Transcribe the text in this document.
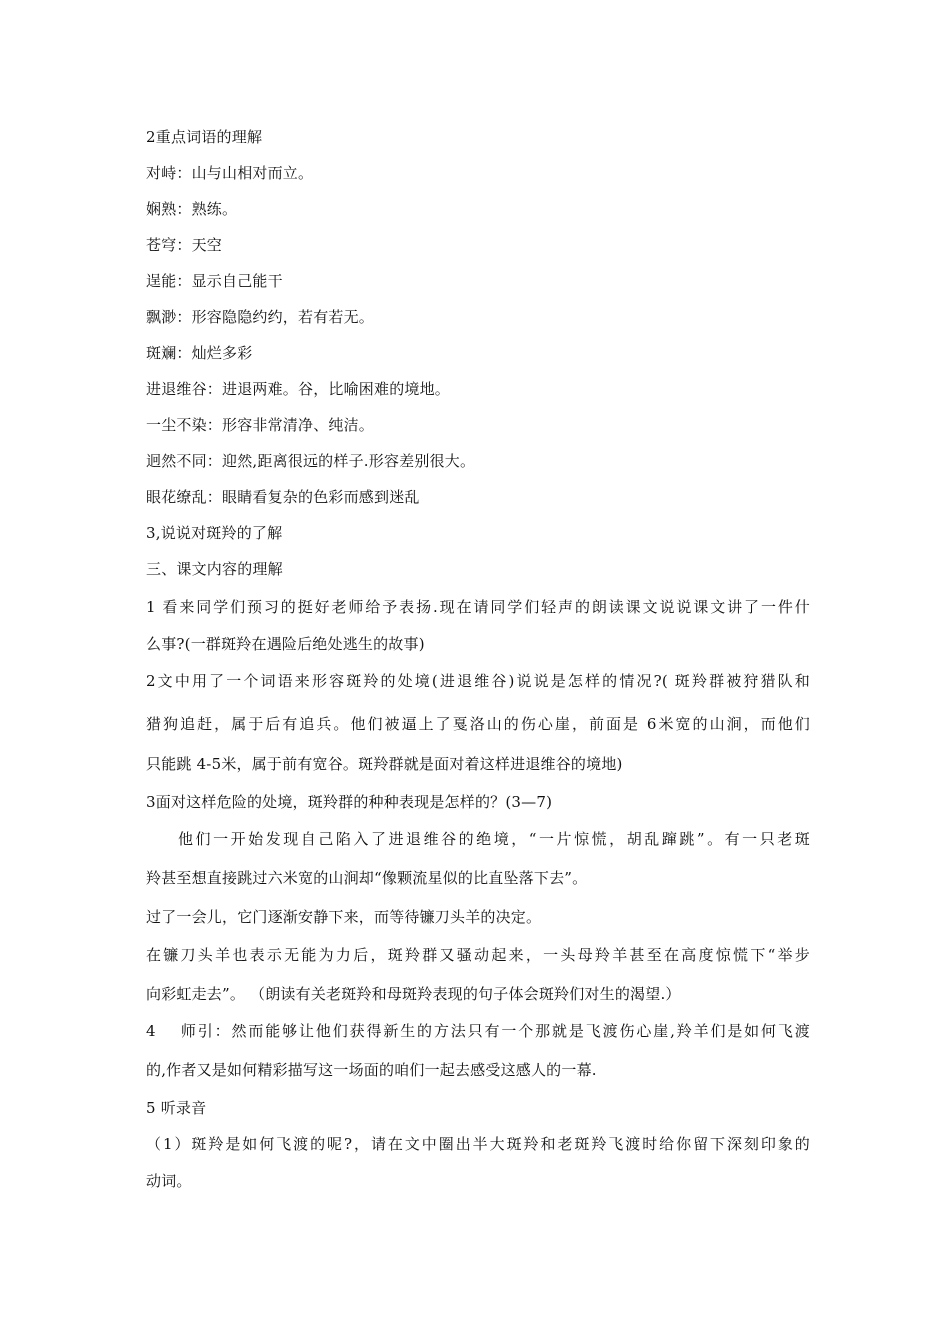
2重点词语的理解
对峙：山与山相对而立。
娴熟：熟练。
苍穹：天空
逞能：显示自己能干
飘渺：形容隐隐约约，若有若无。
斑斓：灿烂多彩
进退维谷：进退两难。谷，比喻困难的境地。
一尘不染：形容非常清净、纯洁。
迥然不同：迎然,距离很远的样子.形容差别很大。
眼花缭乱：眼睛看复杂的色彩而感到迷乱
3,说说对斑羚的了解
三、课文内容的理解
1 看来同学们预习的挺好老师给予表扬.现在请同学们轻声的朗读课文说说课文讲了一件什
么事?(一群斑羚在遇险后绝处逃生的故事)
2文中用了一个词语来形容斑羚的处境(进退维谷)说说是怎样的情况?( 斑羚群被狩猎队和
猎狗追赶，属于后有追兵。他们被逼上了戛洛山的伤心崖，前面是 6米宽的山涧，而他们
只能跳 4-5米，属于前有宽谷。斑羚群就是面对着这样进退维谷的境地)
3面对这样危险的处境，斑羚群的种种表现是怎样的？(3—7)
他们一开始发现自己陷入了进退维谷的绝境，“一片惊慌，胡乱蹿跳”。有一只老斑
羚甚至想直接跳过六米宽的山涧却“像颗流星似的比直坠落下去”。
过了一会儿，它门逐渐安静下来，而等待镰刀头羊的决定。
在镰刀头羊也表示无能为力后，斑羚群又骚动起来，一头母羚羊甚至在高度惊慌下“举步
向彩虹走去”。 （朗读有关老斑羚和母斑羚表现的句子体会斑羚们对生的渴望.）
4　 师引：然而能够让他们获得新生的方法只有一个那就是飞渡伤心崖,羚羊们是如何飞渡
的,作者又是如何精彩描写这一场面的咱们一起去感受这感人的一幕.
5 听录音
（1）斑羚是如何飞渡的呢?，请在文中圈出半大斑羚和老斑羚飞渡时给你留下深刻印象的
动词。
